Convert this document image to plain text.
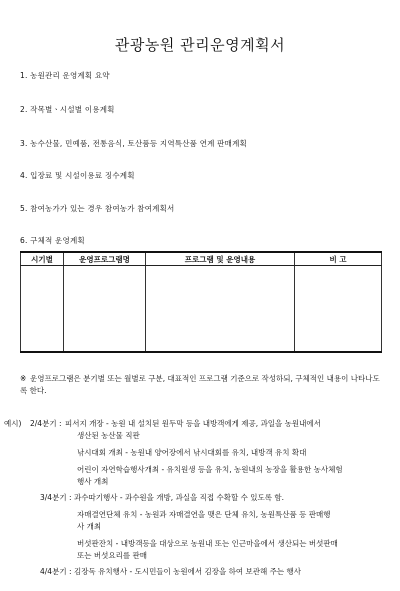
관광농원 관리운영계획서
1. 농원관리 운영계획 요약
2. 작목별ㆍ시설별 이용계획
3. 농수산물, 민예품, 전통음식, 토산품등 지역특산품 연계 판매계획
4. 입장료 및 시설이용료 징수계획
5. 참여농가가 있는 경우 참여농가 참여계획서
6. 구체적 운영계획
시기별	운영프로그램명	프로그램 및 운영내용	비 고

※ 운영프로그램은 분기별 또는 월별로 구분, 대표적인 프로그램 기준으로 작성하되, 구체적인 내용이 나타나도록 한다.
예시) 2/4분기 : 피서지 개장 - 농원 내 설치된 원두막 등을 내방객에게 제공, 과일을 농원내에서
생산된 농산물 직판
낚시대회 개최 - 농원내 양어장에서 낚시대회를 유치, 내방객 유치 확대
어린이 자연학습행사개최 - 유치원생 등을 유치, 농원내의 농장을 활용한 농사체험
행사 개최
3/4분기 : 과수따기행사 - 과수원을 개방, 과실을 직접 수확할 수 있도록 함.
자매결연단체 유치 - 농원과 자매결연을 맺은 단체 유치, 농원특산품 등 판매행
사 개최
버섯판잔치 - 내방객등을 대상으로 농원내 또는 인근마을에서 생산되는 버섯판매
또는 버섯요리를 판매
4/4분기 : 김장독 유치행사 - 도시민들이 농원에서 김장을 하여 보관해 주는 행사
